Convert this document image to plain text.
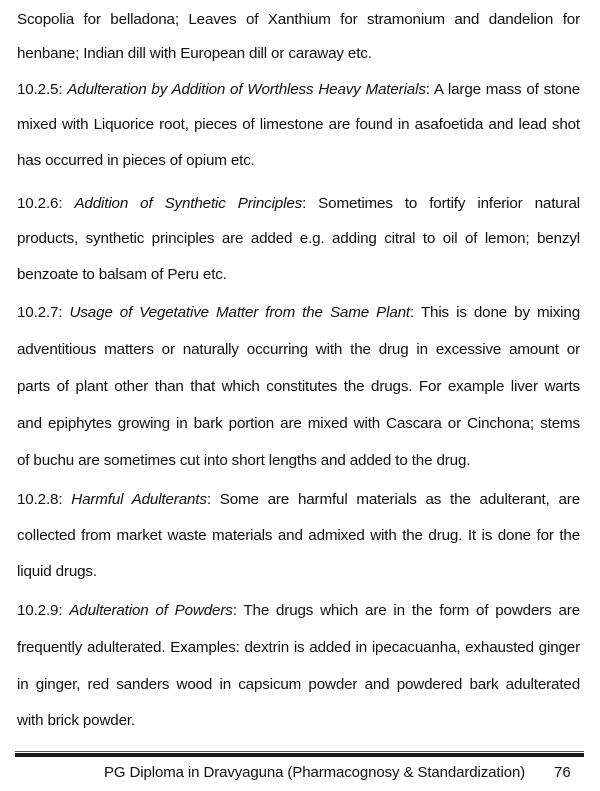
Scopolia for belladona; Leaves of Xanthium for stramonium and dandelion for
henbane; Indian dill with European dill or caraway etc.
10.2.5: Adulteration by Addition of Worthless Heavy Materials: A large mass of stone
mixed with Liquorice root, pieces of limestone are found in asafoetida and lead shot
has occurred in pieces of opium etc.
10.2.6: Addition of Synthetic Principles: Sometimes to fortify inferior natural
products, synthetic principles are added e.g. adding citral to oil of lemon; benzyl
benzoate to balsam of Peru etc.
10.2.7: Usage of Vegetative Matter from the Same Plant: This is done by mixing
adventitious matters or naturally occurring with the drug in excessive amount or
parts of plant other than that which constitutes the drugs. For example liver warts
and epiphytes growing in bark portion are mixed with Cascara or Cinchona; stems
of buchu are sometimes cut into short lengths and added to the drug.
10.2.8: Harmful Adulterants: Some are harmful materials as the adulterant, are
collected from market waste materials and admixed with the drug. It is done for the
liquid drugs.
10.2.9: Adulteration of Powders: The drugs which are in the form of powders are
frequently adulterated. Examples: dextrin is added in ipecacuanha, exhausted ginger
in ginger, red sanders wood in capsicum powder and powdered bark adulterated
with brick powder.
PG Diploma in Dravyaguna (Pharmacognosy & Standardization) 76
